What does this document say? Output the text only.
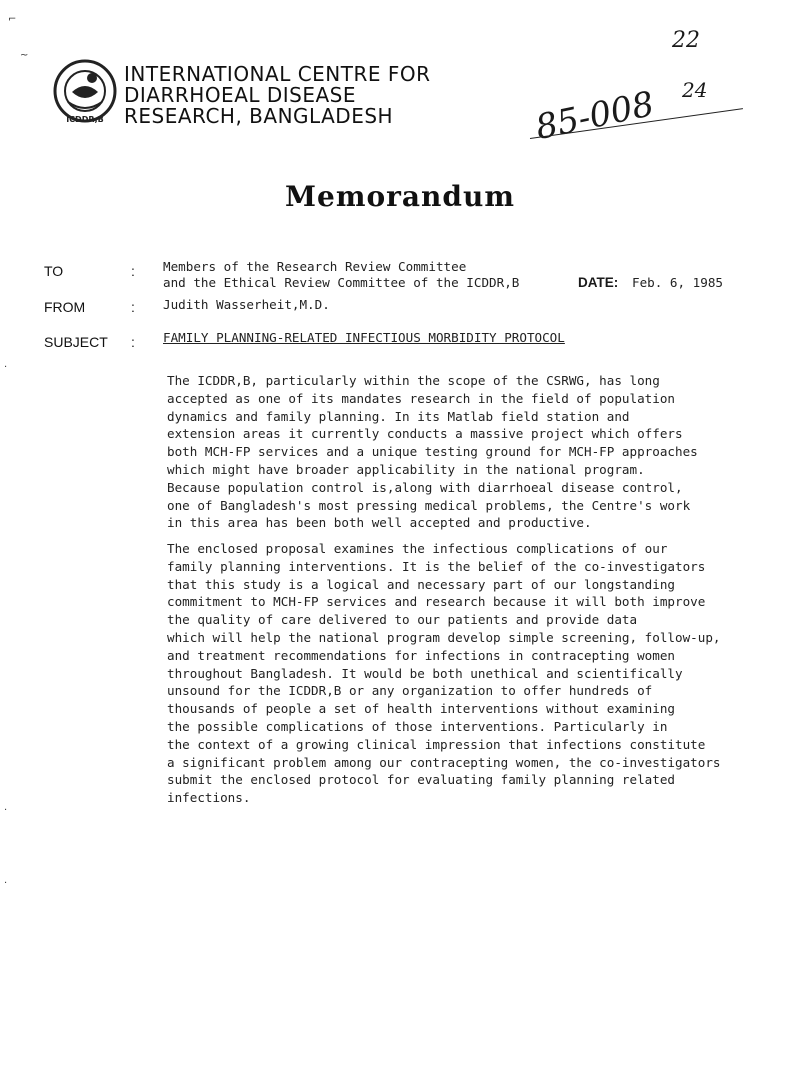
ICDDR,B
INTERNATIONAL CENTRE FOR
DIARRHOEAL DISEASE
RESEARCH, BANGLADESH
22
24
85-008
Memorandum
TO	: Members of the Research Review Committee
and the Ethical Review Committee of the ICDDR,B	DATE: Feb. 6, 1985
FROM	: Judith Wasserheit,M.D.
SUBJECT : FAMILY PLANNING-RELATED INFECTIOUS MORBIDITY PROTOCOL
The ICDDR,B, particularly within the scope of the CSRWG, has long
accepted as one of its mandates research in the field of population
dynamics and family planning. In its Matlab field station and
extension areas it currently conducts a massive project which offers
both MCH-FP services and a unique testing ground for MCH-FP approaches
which might have broader applicability in the national program.
Because population control is,along with diarrhoeal disease control,
one of Bangladesh's most pressing medical problems, the Centre's work
in this area has been both well accepted and productive.
The enclosed proposal examines the infectious complications of our
family planning interventions. It is the belief of the co-investigators
that this study is a logical and necessary part of our longstanding
commitment to MCH-FP services and research because it will both improve
the quality of care delivered to our patients and provide data
which will help the national program develop simple screening, follow-up,
and treatment recommendations for infections in contracepting women
throughout Bangladesh. It would be both unethical and scientifically
unsound for the ICDDR,B or any organization to offer hundreds of
thousands of people a set of health interventions without examining
the possible complications of those interventions. Particularly in
the context of a growing clinical impression that infections constitute
a significant problem among our contracepting women, the co-investigators
submit the enclosed protocol for evaluating family planning related
infections.
⌐
~
·
·
·
